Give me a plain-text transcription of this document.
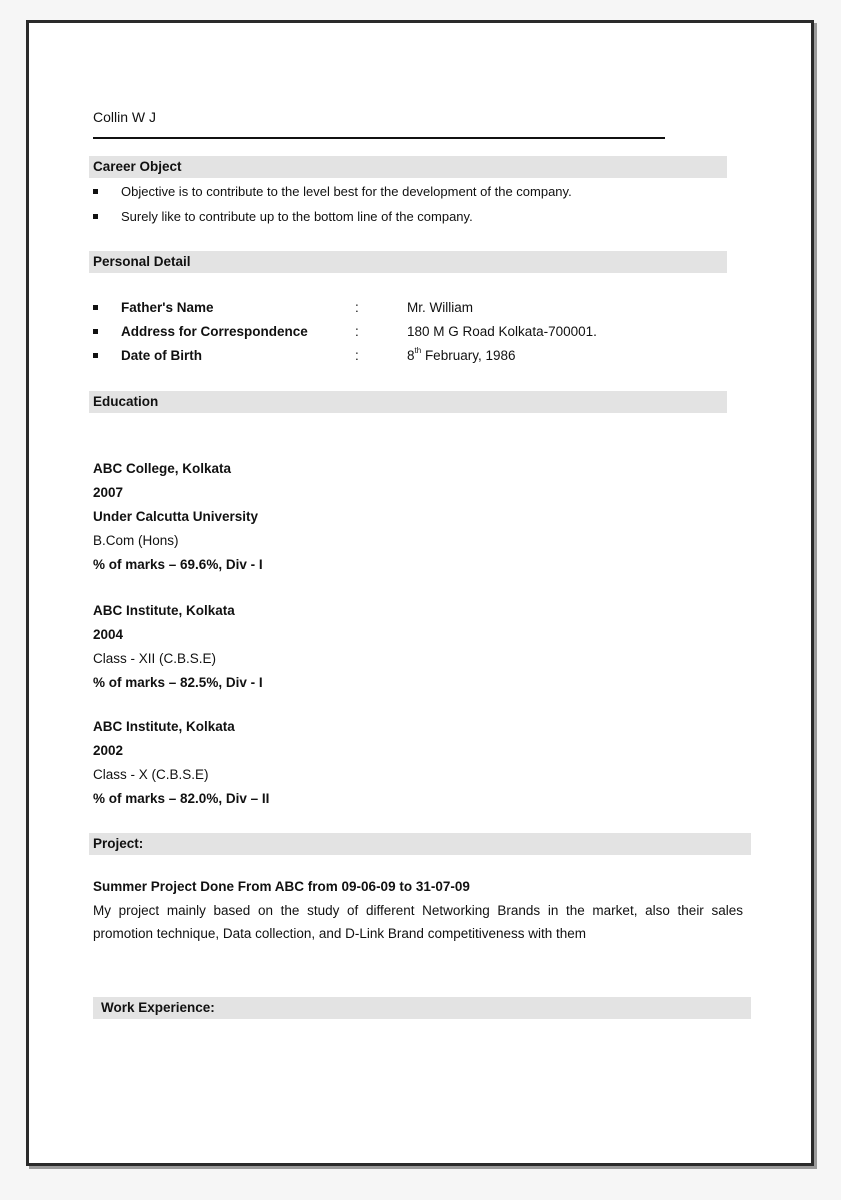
Collin W J
Career Object
Objective is to contribute to the level best for the development of the company.
Surely like to contribute up to the bottom line of the company.
Personal Detail
Father's Name	:	Mr. William
Address for Correspondence	:	180 M G Road Kolkata-700001.
Date of Birth	:	8th February, 1986
Education
ABC College, Kolkata
2007
Under Calcutta University
B.Com (Hons)
% of marks – 69.6%, Div - I
ABC Institute, Kolkata
2004
Class - XII (C.B.S.E)
% of marks – 82.5%, Div - I
ABC Institute, Kolkata
2002
Class - X (C.B.S.E)
% of marks – 82.0%, Div – II
Project:
Summer Project Done From ABC from 09-06-09 to 31-07-09
My project mainly based on the study of different Networking Brands in the market, also their sales promotion technique, Data collection, and D-Link Brand competitiveness with them
Work Experience:
